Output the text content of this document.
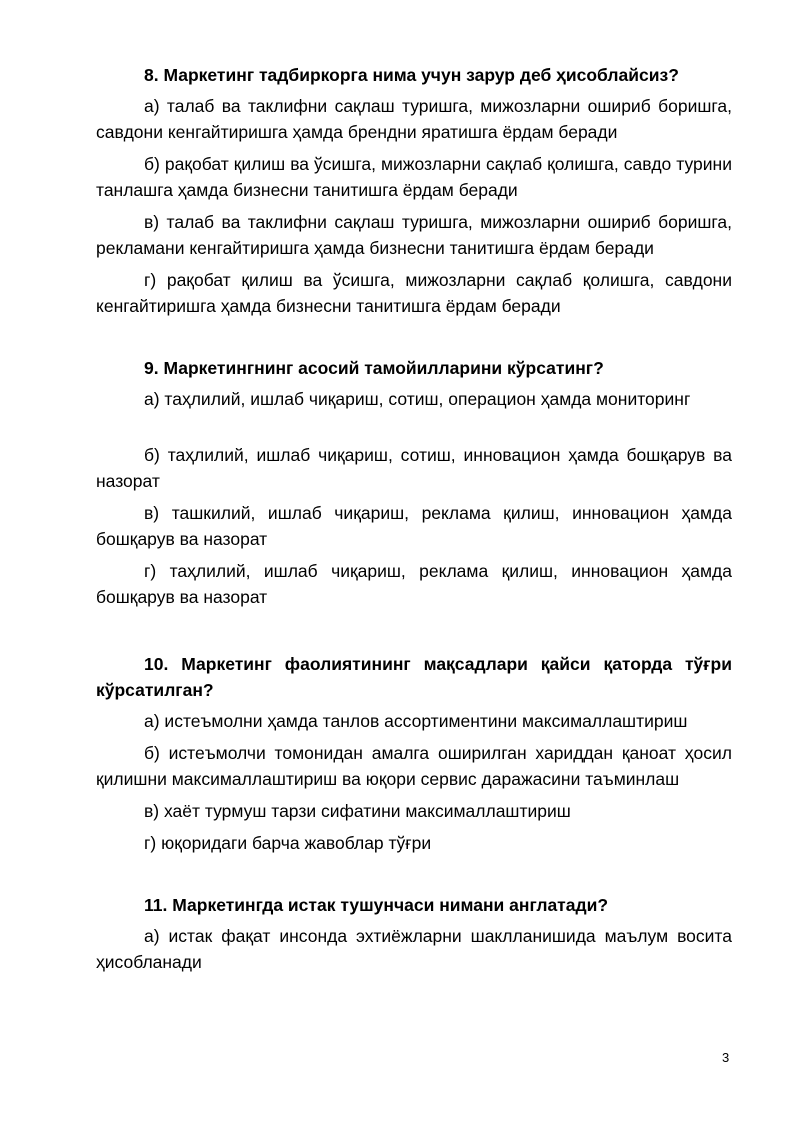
8. Маркетинг тадбиркорга нима учун зарур деб ҳисоблайсиз?

а) талаб ва таклифни сақлаш туришга, мижозларни ошириб боришга, савдони кенгайтиришга ҳамда брендни яратишга ёрдам беради

б) рақобат қилиш ва ўсишга, мижозларни сақлаб қолишга, савдо турини танлашга ҳамда бизнесни танитишга ёрдам беради

в) талаб ва таклифни сақлаш туришга, мижозларни ошириб боришга, рекламани кенгайтиришга ҳамда бизнесни танитишга ёрдам беради

г) рақобат қилиш ва ўсишга, мижозларни сақлаб қолишга, савдони кенгайтиришга ҳамда бизнесни танитишга ёрдам беради

9. Маркетингнинг асосий тамойилларини кўрсатинг?

а) таҳлилий, ишлаб чиқариш, сотиш, операцион ҳамда мониторинг

б) таҳлилий, ишлаб чиқариш, сотиш, инновацион ҳамда бошқарув ва назорат

в) ташкилий, ишлаб чиқариш, реклама қилиш, инновацион ҳамда бошқарув ва назорат

г) таҳлилий, ишлаб чиқариш, реклама қилиш, инновацион ҳамда бошқарув ва назорат

10. Маркетинг фаолиятининг мақсадлари қайси қаторда тўғри кўрсатилган?

а) истеъмолни ҳамда танлов ассортиментини максималлаштириш

б) истеъмолчи томонидан амалга оширилган хариддан қаноат ҳосил қилишни максималлаштириш ва юқори сервис даражасини таъминлаш

в) хаёт турмуш тарзи сифатини максималлаштириш

г) юқоридаги барча жавоблар тўғри

11. Маркетингда истак тушунчаси нимани англатади?

а) истак фақат инсонда эхтиёжларни шаклланишида маълум восита ҳисобланади

3
